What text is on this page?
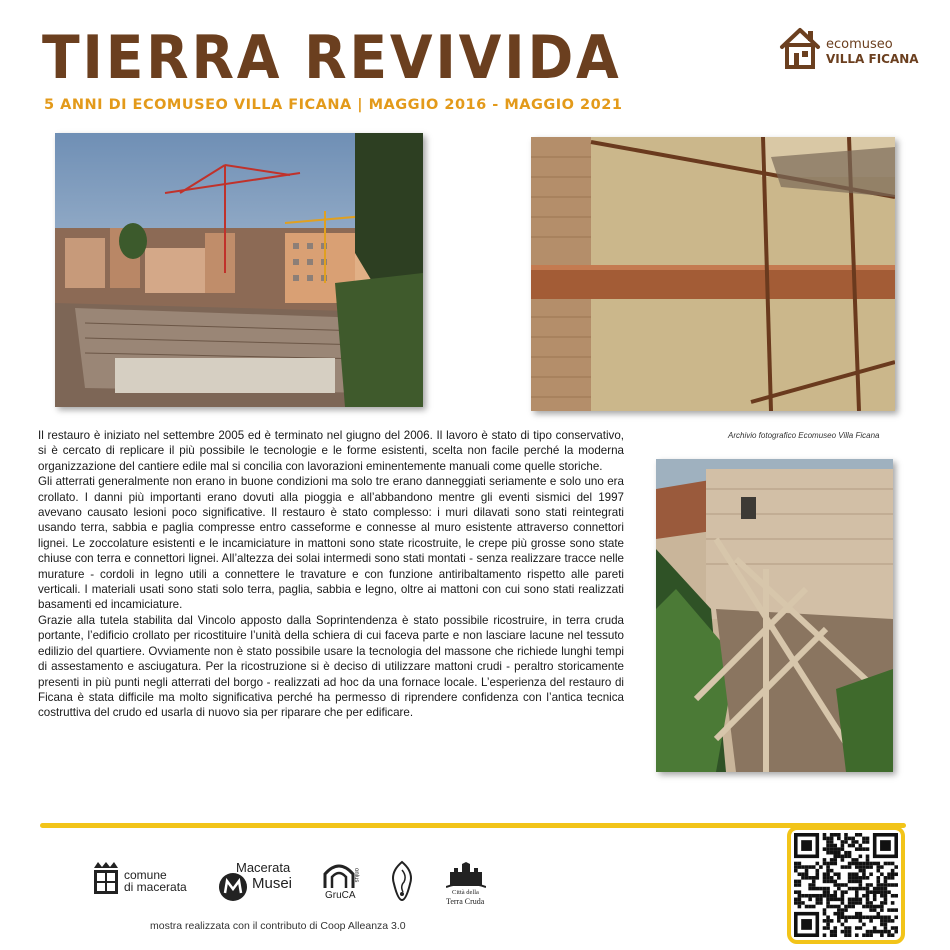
TIERRA REVIVIDA
5 ANNI DI ECOMUSEO VILLA FICANA | MAGGIO 2016 - MAGGIO 2021
ecomuseo
VILLA FICANA
Archivio fotografico Ecomuseo Villa Ficana

Il restauro è iniziato nel settembre 2005 ed è terminato nel giugno del 2006. Il lavoro è stato di tipo conservativo, si è cercato di replicare il più possibile le tecnologie e le forme esistenti, scelta non facile perché la moderna organizzazione del cantiere edile mal si concilia con lavorazioni eminentemente manuali come quelle storiche.

Gli atterrati generalmente non erano in buone condizioni ma solo tre erano danneggiati seriamente e solo uno era crollato. I danni più importanti erano dovuti alla pioggia e all’abbandono mentre gli eventi sismici del 1997 avevano causato lesioni poco significative. Il restauro è stato complesso: i muri dilavati sono stati reintegrati usando terra, sabbia e paglia compresse entro casseforme e connesse al muro esistente attraverso connettori lignei. Le zoccolature esistenti e le incamiciature in mattoni sono state ricostruite, le crepe più grosse sono state chiuse con terra e connettori lignei. All’altezza dei solai intermedi sono stati montati - senza realizzare tracce nelle murature - cordoli in legno utili a connettere le travature e con funzione antiribaltamento rispetto alle pareti verticali. I materiali usati sono stati solo terra, paglia, sabbia e legno, oltre ai mattoni con cui sono stati realizzati basamenti ed incamiciature.

Grazie alla tutela stabilita dal Vincolo apposto dalla Soprintendenza è stato possibile ricostruire, in terra cruda portante, l’edificio crollato per ricostituire l’unità della schiera di cui faceva parte e non lasciare lacune nel tessuto edilizio del quartiere. Ovviamente non è stato possibile usare la tecnologia del massone che richiede lunghi tempi di assestamento e asciugatura. Per la ricostruzione si è deciso di utilizzare mattoni crudi - peraltro storicamente presenti in più punti negli atterrati del borgo - realizzati ad hoc da una fornace locale. L’esperienza del restauro di Ficana è stata difficile ma molto significativa perché ha permesso di riprendere confidenza con l’antica tecnica costruttiva del crudo ed usarla di nuovo sia per riparare che per edificare.

comune
di macerata
Macerata
Musei
GruCA
onlus
Città della
Terra Cruda
mostra realizzata con il contributo di Coop Alleanza 3.0
